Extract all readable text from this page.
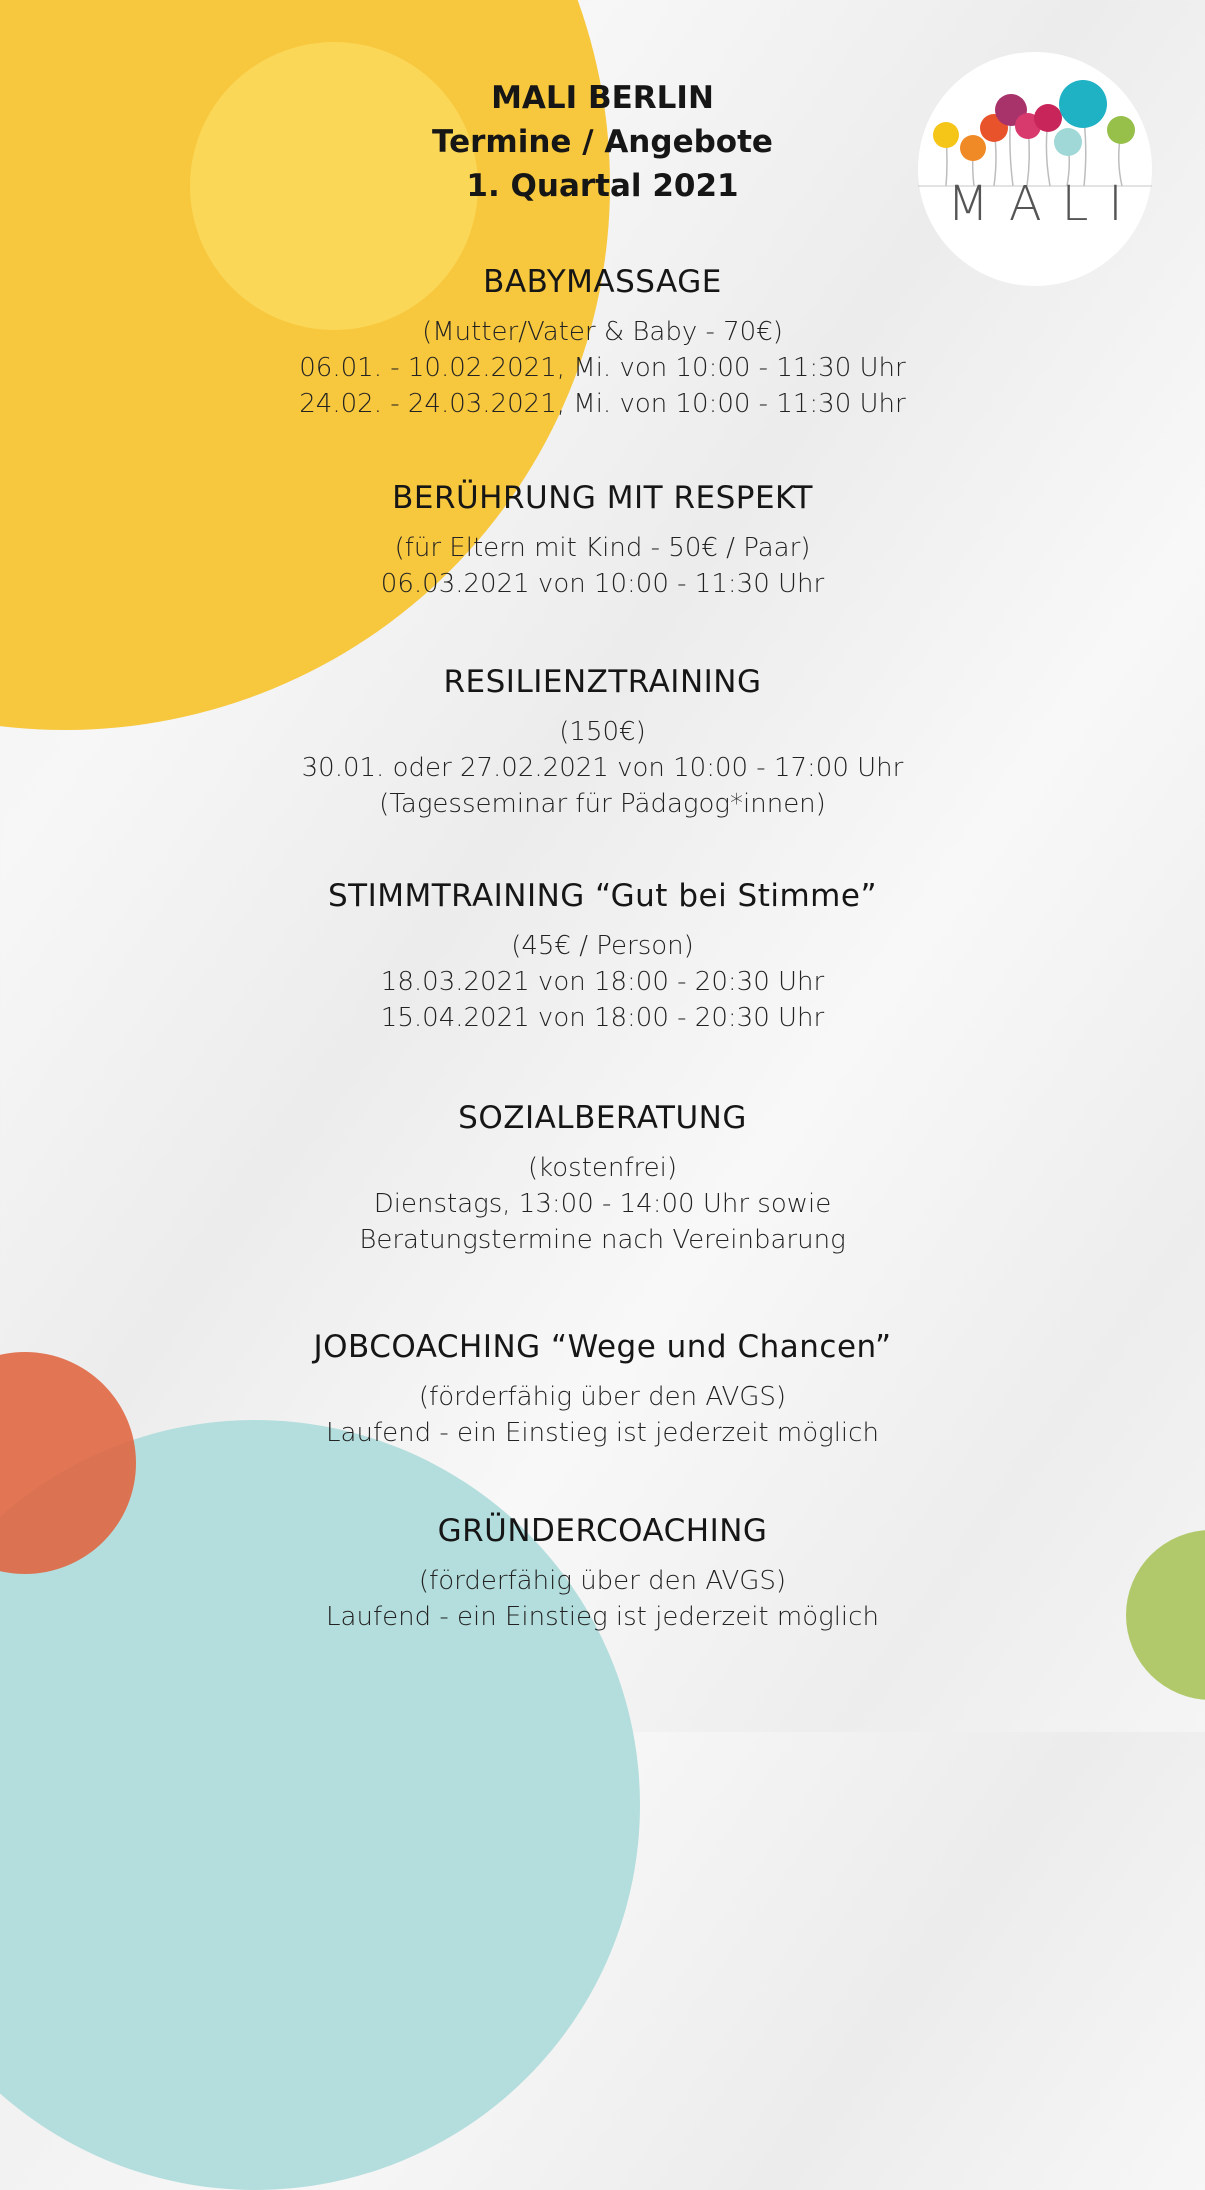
MALI
MALI BERLIN
Termine / Angebote
1. Quartal 2021
BABYMASSAGE
(Mutter/Vater & Baby - 70€)
06.01. - 10.02.2021, Mi. von 10:00 - 11:30 Uhr
24.02. - 24.03.2021, Mi. von 10:00 - 11:30 Uhr
BERÜHRUNG MIT RESPEKT
(für Eltern mit Kind - 50€ / Paar)
06.03.2021 von 10:00 - 11:30 Uhr
RESILIENZTRAINING
(150€)
30.01. oder 27.02.2021 von 10:00 - 17:00 Uhr
(Tagesseminar für Pädagog*innen)
STIMMTRAINING “Gut bei Stimme”
(45€ / Person)
18.03.2021 von 18:00 - 20:30 Uhr
15.04.2021 von 18:00 - 20:30 Uhr
SOZIALBERATUNG
(kostenfrei)
Dienstags, 13:00 - 14:00 Uhr sowie
Beratungstermine nach Vereinbarung
JOBCOACHING “Wege und Chancen”
(förderfähig über den AVGS)
Laufend - ein Einstieg ist jederzeit möglich
GRÜNDERCOACHING
(förderfähig über den AVGS)
Laufend - ein Einstieg ist jederzeit möglich
